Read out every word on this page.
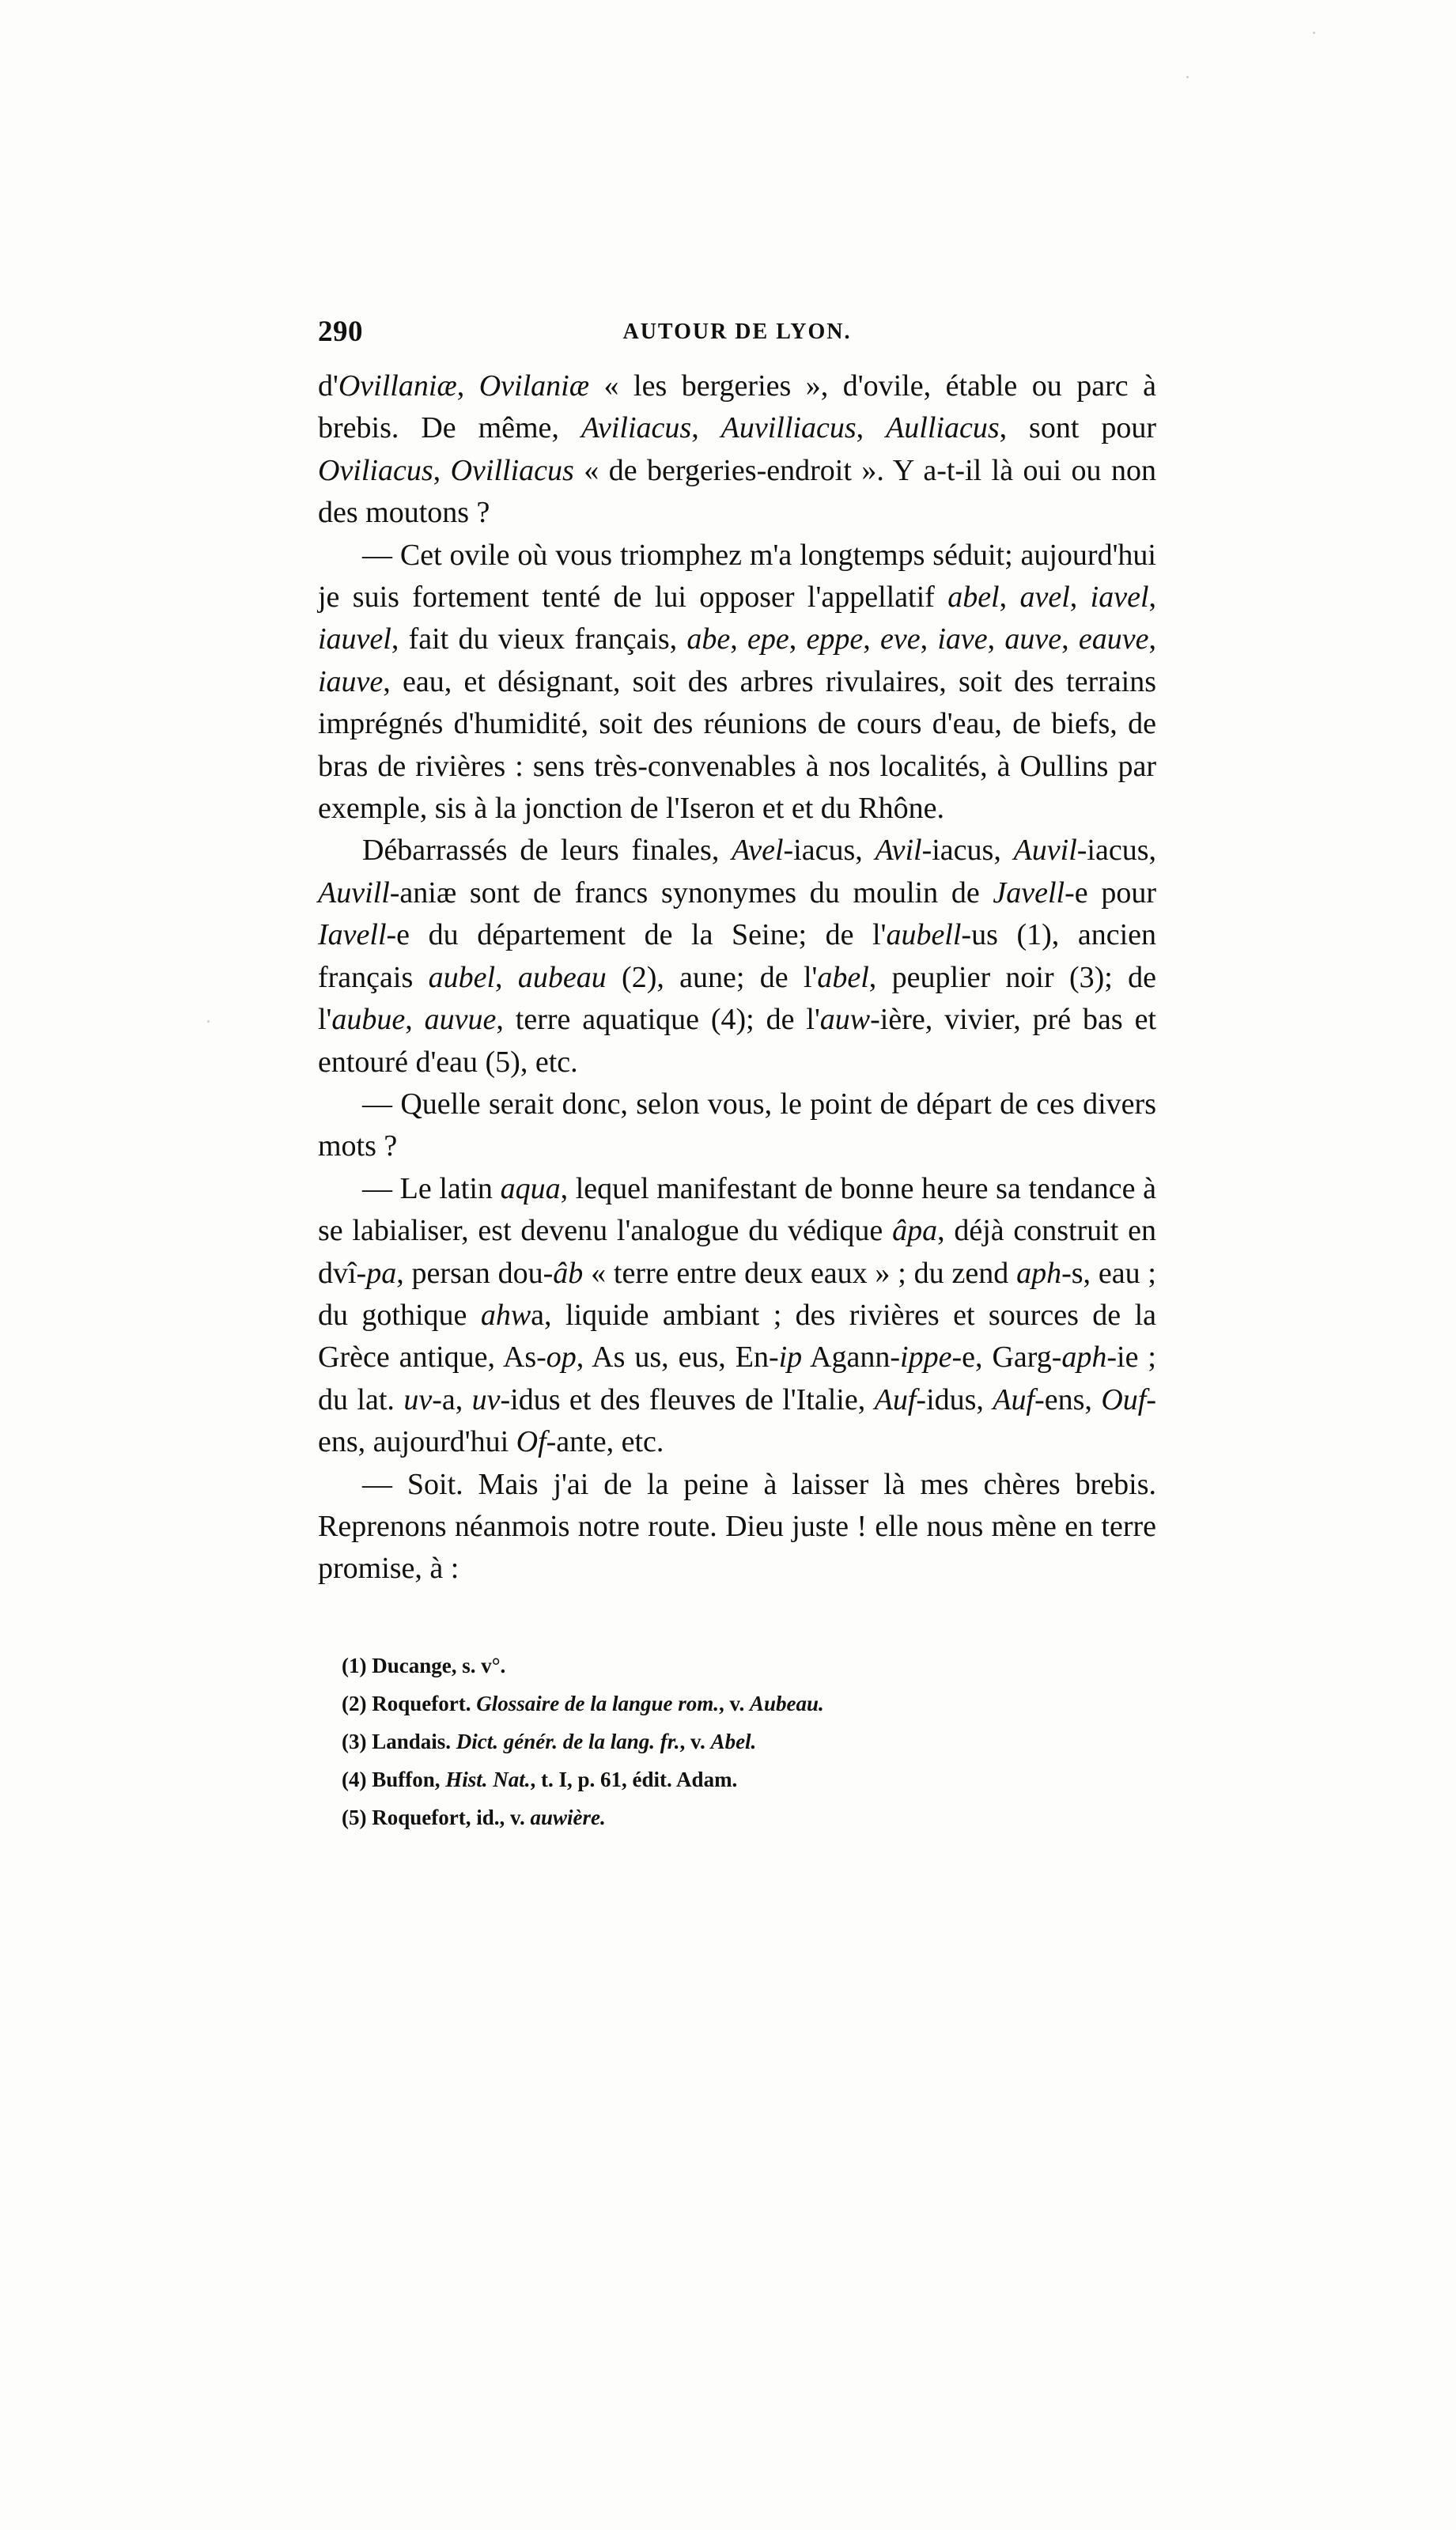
290	AUTOUR DE LYON.

d'Ovillaniæ, Ovilaniæ « les bergeries », d'ovile, étable ou parc à brebis. De même, Aviliacus, Auvilliacus, Aulliacus, sont pour Oviliacus, Ovilliacus « de bergeries-endroit ». Y a-t-il là oui ou non des moutons ?

— Cet ovile où vous triomphez m'a longtemps séduit; aujourd'hui je suis fortement tenté de lui opposer l'appellatif abel, avel, iavel, iauvel, fait du vieux français, abe, epe, eppe, eve, iave, auve, eauve, iauve, eau, et désignant, soit des arbres rivulaires, soit des terrains imprégnés d'humidité, soit des réunions de cours d'eau, de biefs, de bras de rivières : sens très-convenables à nos localités, à Oullins par exemple, sis à la jonction de l'Iseron et et du Rhône.

Débarrassés de leurs finales, Avel-iacus, Avil-iacus, Auvil-iacus, Auvill-aniæ sont de francs synonymes du moulin de Javell-e pour Iavell-e du département de la Seine; de l'aubell-us (1), ancien français aubel, aubeau (2), aune; de l'abel, peuplier noir (3); de l'aubue, auvue, terre aquatique (4); de l'auw-ière, vivier, pré bas et entouré d'eau (5), etc.

— Quelle serait donc, selon vous, le point de départ de ces divers mots ?

— Le latin aqua, lequel manifestant de bonne heure sa tendance à se labialiser, est devenu l'analogue du védique âpa, déjà construit en dvî-pa, persan dou-âb « terre entre deux eaux » ; du zend aph-s, eau ; du gothique ahwa, liquide ambiant ; des rivières et sources de la Grèce antique, As-op, As us, eus, En-ip Agann-ippe-e, Garg-aph-ie ; du lat. uv-a, uv-idus et des fleuves de l'Italie, Auf-idus, Auf-ens, Ouf-ens, aujourd'hui Of-ante, etc.

— Soit. Mais j'ai de la peine à laisser là mes chères brebis. Reprenons néanmois notre route. Dieu juste ! elle nous mène en terre promise, à :

(1) Ducange, s. v°.

(2) Roquefort. Glossaire de la langue rom., v. Aubeau.

(3) Landais. Dict. génér. de la lang. fr., v. Abel.

(4) Buffon, Hist. Nat., t. I, p. 61, édit. Adam.

(5) Roquefort, id., v. auwière.
